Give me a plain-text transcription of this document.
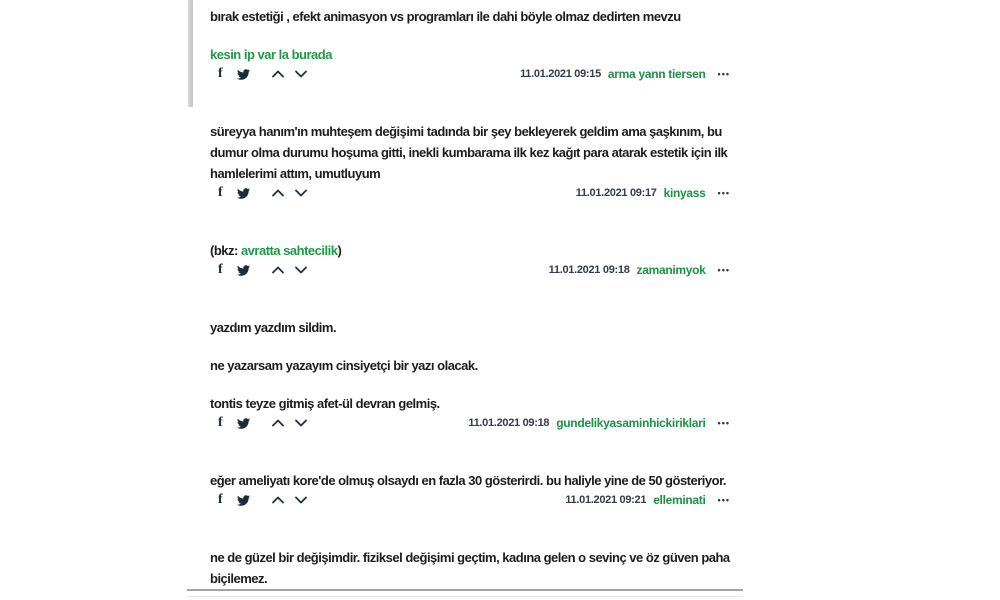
bırak estetiği , efekt animasyon vs programları ile dahi böyle olmaz dedirten mevzu

kesin ip var la burada

f	11.01.2021 09:15 arma yann tiersen •••

süreyya hanım'ın muhteşem değişimi tadında bir şey bekleyerek geldim ama şaşkınım, bu dumur olma durumu hoşuma gitti, inekli kumbarama ilk kez kağıt para atarak estetik için ilk hamlelerimi attım, umutluyum

f	11.01.2021 09:17 kinyass •••

(bkz: avratta sahtecilik)

f	11.01.2021 09:18 zamanimyok •••

yazdım yazdım sildim.

ne yazarsam yazayım cinsiyetçi bir yazı olacak.

tontis teyze gitmiş afet-ül devran gelmiş.

f	11.01.2021 09:18 gundelikyasaminhickiriklari •••

eğer ameliyatı kore'de olmuş olsaydı en fazla 30 gösterirdi. bu haliyle yine de 50 gösteriyor.

f	11.01.2021 09:21 elleminati •••

ne de güzel bir değişimdir. fiziksel değişimi geçtim, kadına gelen o sevinç ve öz güven paha biçilemez.
